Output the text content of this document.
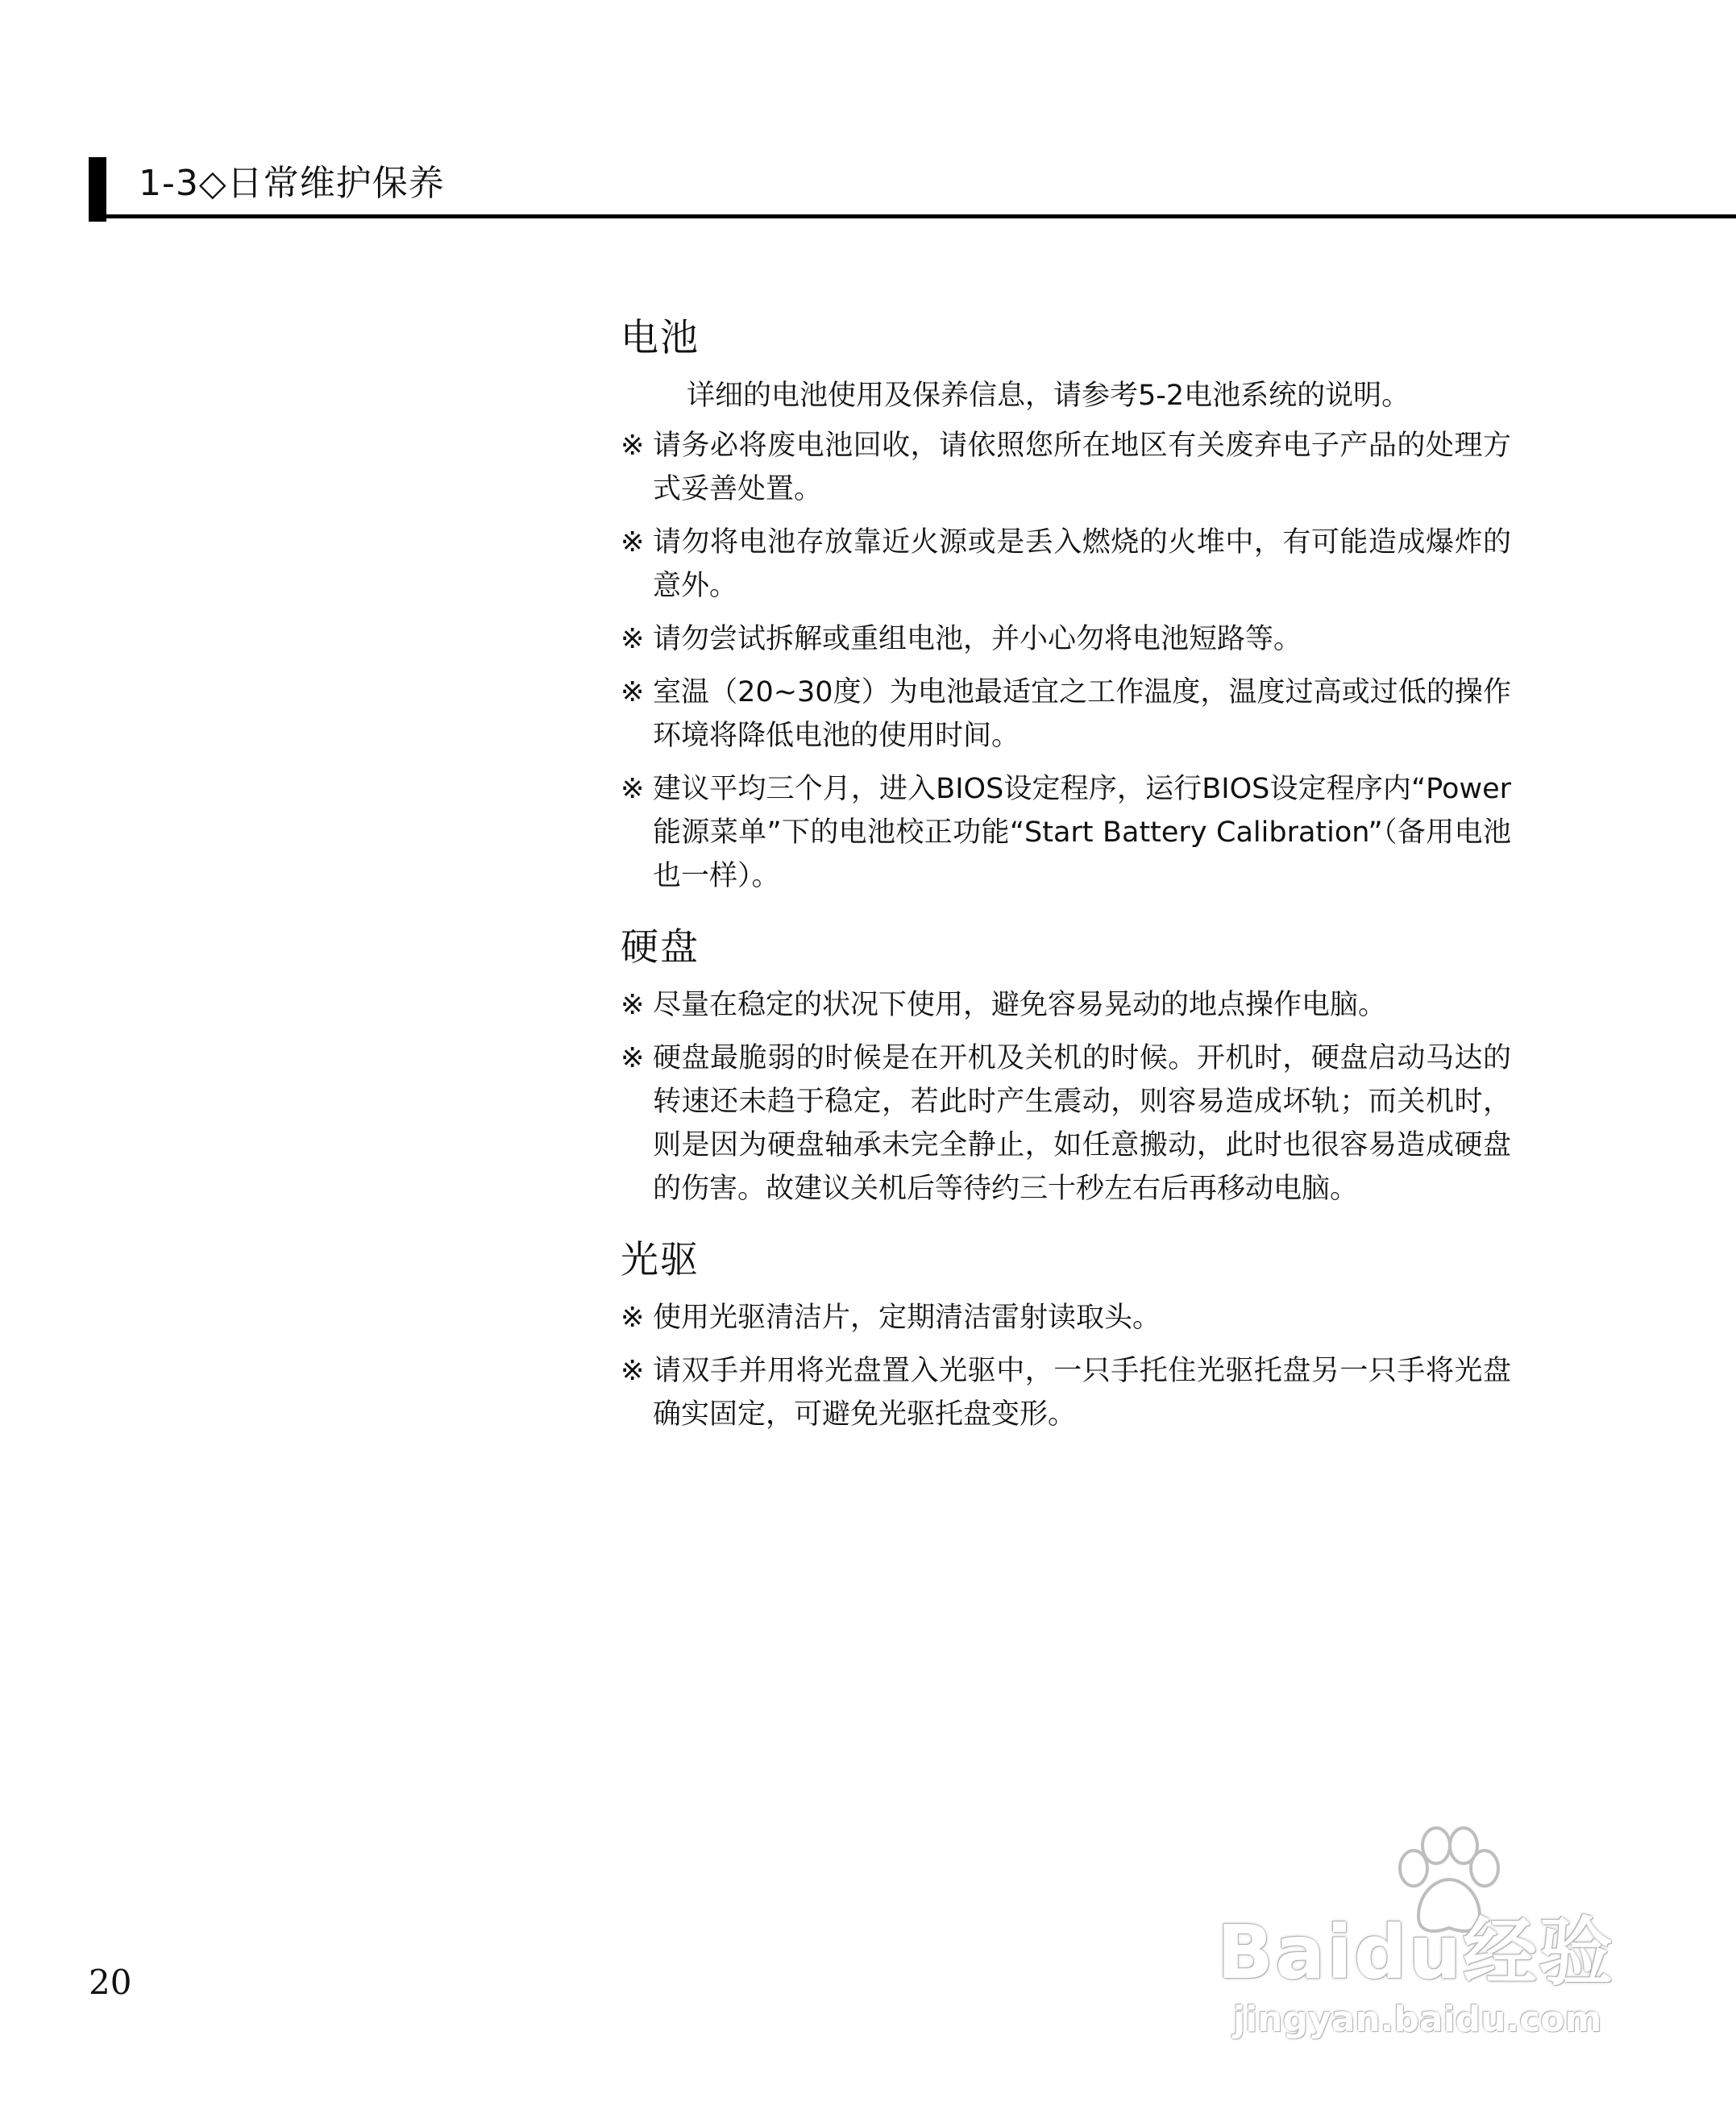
1-3◇日常维护保养
电池

详细的电池使用及保养信息，请参考5-2电池系统的说明。

※ 请务必将废电池回收，请依照您所在地区有关废弃电子产品的处理方式妥善处置。
※ 请勿将电池存放靠近火源或是丢入燃烧的火堆中，有可能造成爆炸的意外。
※ 请勿尝试拆解或重组电池，并小心勿将电池短路等。
※ 室温（20~30度）为电池最适宜之工作温度，温度过高或过低的操作环境将降低电池的使用时间。
※ 建议平均三个月，进入BIOS设定程序，运行BIOS设定程序内“Power能源菜单”下的电池校正功能“Start Battery Calibration”（备用电池也一样）。
硬盘
※ 尽量在稳定的状况下使用，避免容易晃动的地点操作电脑。
※ 硬盘最脆弱的时候是在开机及关机的时候。开机时，硬盘启动马达的转速还未趋于稳定，若此时产生震动，则容易造成坏轨；而关机时，则是因为硬盘轴承未完全静止，如任意搬动，此时也很容易造成硬盘的伤害。故建议关机后等待约三十秒左右后再移动电脑。
光驱
※ 使用光驱清洁片，定期清洁雷射读取头。
※ 请双手并用将光盘置入光驱中，一只手托住光驱托盘另一只手将光盘确实固定，可避免光驱托盘变形。
20	Baidu经验
jingyan.baidu.com
